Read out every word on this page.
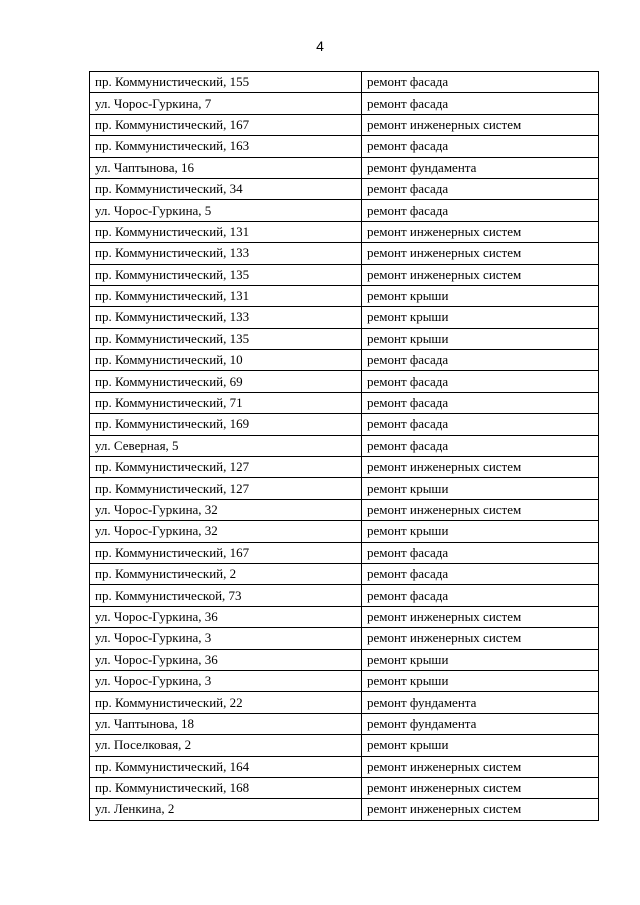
4
пр. Коммунистический, 155	ремонт фасада
ул. Чорос-Гуркина, 7	ремонт фасада
пр. Коммунистический, 167	ремонт инженерных систем
пр. Коммунистический, 163	ремонт фасада
ул. Чаптынова, 16	ремонт фундамента
пр. Коммунистический, 34	ремонт фасада
ул. Чорос-Гуркина, 5	ремонт фасада
пр. Коммунистический, 131	ремонт инженерных систем
пр. Коммунистический, 133	ремонт инженерных систем
пр. Коммунистический, 135	ремонт инженерных систем
пр. Коммунистический, 131	ремонт крыши
пр. Коммунистический, 133	ремонт крыши
пр. Коммунистический, 135	ремонт крыши
пр. Коммунистический, 10	ремонт фасада
пр. Коммунистический, 69	ремонт фасада
пр. Коммунистический, 71	ремонт фасада
пр. Коммунистический, 169	ремонт фасада
ул. Северная, 5	ремонт фасада
пр. Коммунистический, 127	ремонт инженерных систем
пр. Коммунистический, 127	ремонт крыши
ул. Чорос-Гуркина, 32	ремонт инженерных систем
ул. Чорос-Гуркина, 32	ремонт крыши
пр. Коммунистический, 167	ремонт фасада
пр. Коммунистический, 2	ремонт фасада
пр. Коммунистической, 73	ремонт фасада
ул. Чорос-Гуркина, 36	ремонт инженерных систем
ул. Чорос-Гуркина, 3	ремонт инженерных систем
ул. Чорос-Гуркина, 36	ремонт крыши
ул. Чорос-Гуркина, 3	ремонт крыши
пр. Коммунистический, 22	ремонт фундамента
ул. Чаптынова, 18	ремонт фундамента
ул. Поселковая, 2	ремонт крыши
пр. Коммунистический, 164	ремонт инженерных систем
пр. Коммунистический, 168	ремонт инженерных систем
ул. Ленкина, 2	ремонт инженерных систем
